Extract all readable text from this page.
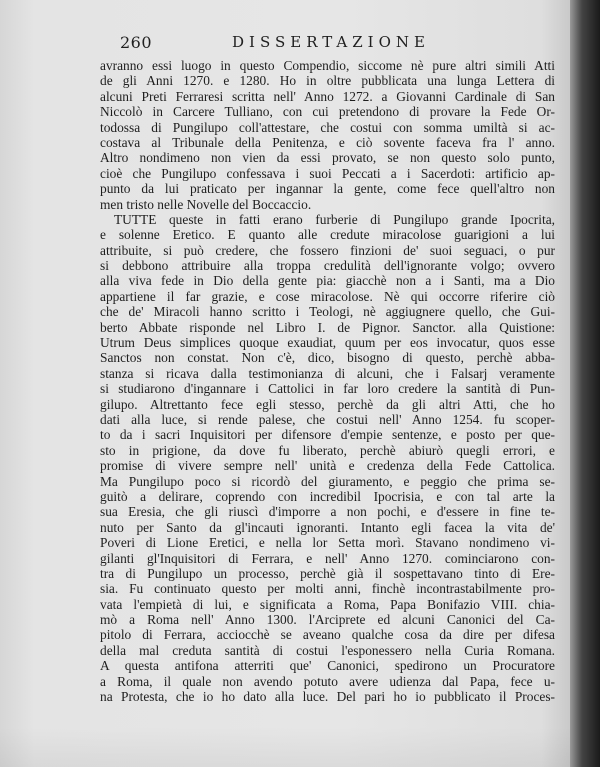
260	DISSERTAZIONE
avranno essi luogo in questo Compendio, siccome nè pure altri simili Atti
de gli Anni 1270. e 1280. Ho in oltre pubblicata una lunga Lettera di
alcuni Preti Ferraresi scritta nell' Anno 1272. a Giovanni Cardinale di San
Niccolò in Carcere Tulliano, con cui pretendono di provare la Fede Or-
todossa di Pungilupo coll'attestare, che costui con somma umiltà si ac-
costava al Tribunale della Penitenza, e ciò sovente faceva fra l' anno.
Altro nondimeno non vien da essi provato, se non questo solo punto,
cioè che Pungilupo confessava i suoi Peccati a i Sacerdoti: artificio ap-
punto da lui praticato per ingannar la gente, come fece quell'altro non
men tristo nelle Novelle del Boccaccio.
TUTTE queste in fatti erano furberie di Pungilupo grande Ipocrita,
e solenne Eretico. E quanto alle credute miracolose guarigioni a lui
attribuite, si può credere, che fossero finzioni de' suoi seguaci, o pur
si debbono attribuire alla troppa credulità dell'ignorante volgo; ovvero
alla viva fede in Dio della gente pia: giacchè non a i Santi, ma a Dio
appartiene il far grazie, e cose miracolose. Nè qui occorre riferire ciò
che de' Miracoli hanno scritto i Teologi, nè aggiugnere quello, che Gui-
berto Abbate risponde nel Libro I. de Pignor. Sanctor. alla Quistione:
Utrum Deus simplices quoque exaudiat, quum per eos invocatur, quos esse
Sanctos non constat. Non c'è, dico, bisogno di questo, perchè abba-
stanza si ricava dalla testimonianza di alcuni, che i Falsarj veramente
si studiarono d'ingannare i Cattolici in far loro credere la santità di Pun-
gilupo. Altrettanto fece egli stesso, perchè da gli altri Atti, che ho
dati alla luce, si rende palese, che costui nell' Anno 1254. fu scoper-
to da i sacri Inquisitori per difensore d'empie sentenze, e posto per que-
sto in prigione, da dove fu liberato, perchè abiurò quegli errori, e
promise di vivere sempre nell' unità e credenza della Fede Cattolica.
Ma Pungilupo poco si ricordò del giuramento, e peggio che prima se-
guitò a delirare, coprendo con incredibil Ipocrisia, e con tal arte la
sua Eresia, che gli riuscì d'imporre a non pochi, e d'essere in fine te-
nuto per Santo da gl'incauti ignoranti. Intanto egli facea la vita de'
Poveri di Lione Eretici, e nella lor Setta morì. Stavano nondimeno vi-
gilanti gl'Inquisitori di Ferrara, e nell' Anno 1270. cominciarono con-
tra di Pungilupo un processo, perchè già il sospettavano tinto di Ere-
sia. Fu continuato questo per molti anni, finchè incontrastabilmente pro-
vata l'empietà di lui, e significata a Roma, Papa Bonifazio VIII. chia-
mò a Roma nell' Anno 1300. l'Arciprete ed alcuni Canonici del Ca-
pitolo di Ferrara, acciocchè se aveano qualche cosa da dire per difesa
della mal creduta santità di costui l'esponessero nella Curia Romana.
A questa antifona atterriti que' Canonici, spedirono un Procuratore
a Roma, il quale non avendo potuto avere udienza dal Papa, fece u-
na Protesta, che io ho dato alla luce. Del pari ho io pubblicato il Proces-
